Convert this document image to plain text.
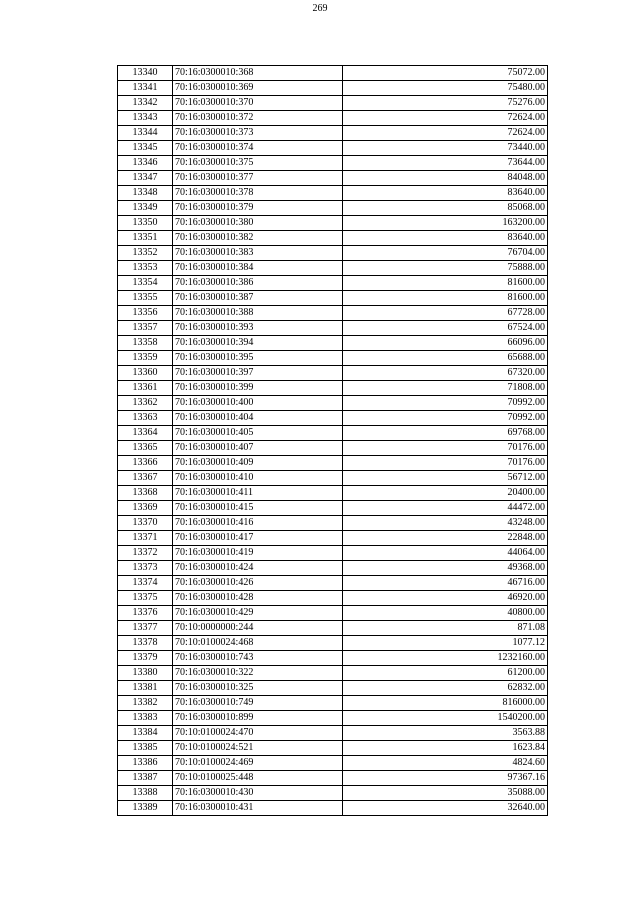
269
13340	70:16:0300010:368	75072.00
13341	70:16:0300010:369	75480.00
13342	70:16:0300010:370	75276.00
13343	70:16:0300010:372	72624.00
13344	70:16:0300010:373	72624.00
13345	70:16:0300010:374	73440.00
13346	70:16:0300010:375	73644.00
13347	70:16:0300010:377	84048.00
13348	70:16:0300010:378	83640.00
13349	70:16:0300010:379	85068.00
13350	70:16:0300010:380	163200.00
13351	70:16:0300010:382	83640.00
13352	70:16:0300010:383	76704.00
13353	70:16:0300010:384	75888.00
13354	70:16:0300010:386	81600.00
13355	70:16:0300010:387	81600.00
13356	70:16:0300010:388	67728.00
13357	70:16:0300010:393	67524.00
13358	70:16:0300010:394	66096.00
13359	70:16:0300010:395	65688.00
13360	70:16:0300010:397	67320.00
13361	70:16:0300010:399	71808.00
13362	70:16:0300010:400	70992.00
13363	70:16:0300010:404	70992.00
13364	70:16:0300010:405	69768.00
13365	70:16:0300010:407	70176.00
13366	70:16:0300010:409	70176.00
13367	70:16:0300010:410	56712.00
13368	70:16:0300010:411	20400.00
13369	70:16:0300010:415	44472.00
13370	70:16:0300010:416	43248.00
13371	70:16:0300010:417	22848.00
13372	70:16:0300010:419	44064.00
13373	70:16:0300010:424	49368.00
13374	70:16:0300010:426	46716.00
13375	70:16:0300010:428	46920.00
13376	70:16:0300010:429	40800.00
13377	70:10:0000000:244	871.08
13378	70:10:0100024:468	1077.12
13379	70:16:0300010:743	1232160.00
13380	70:16:0300010:322	61200.00
13381	70:16:0300010:325	62832.00
13382	70:16:0300010:749	816000.00
13383	70:16:0300010:899	1540200.00
13384	70:10:0100024:470	3563.88
13385	70:10:0100024:521	1623.84
13386	70:10:0100024:469	4824.60
13387	70:10:0100025:448	97367.16
13388	70:16:0300010:430	35088.00
13389	70:16:0300010:431	32640.00
